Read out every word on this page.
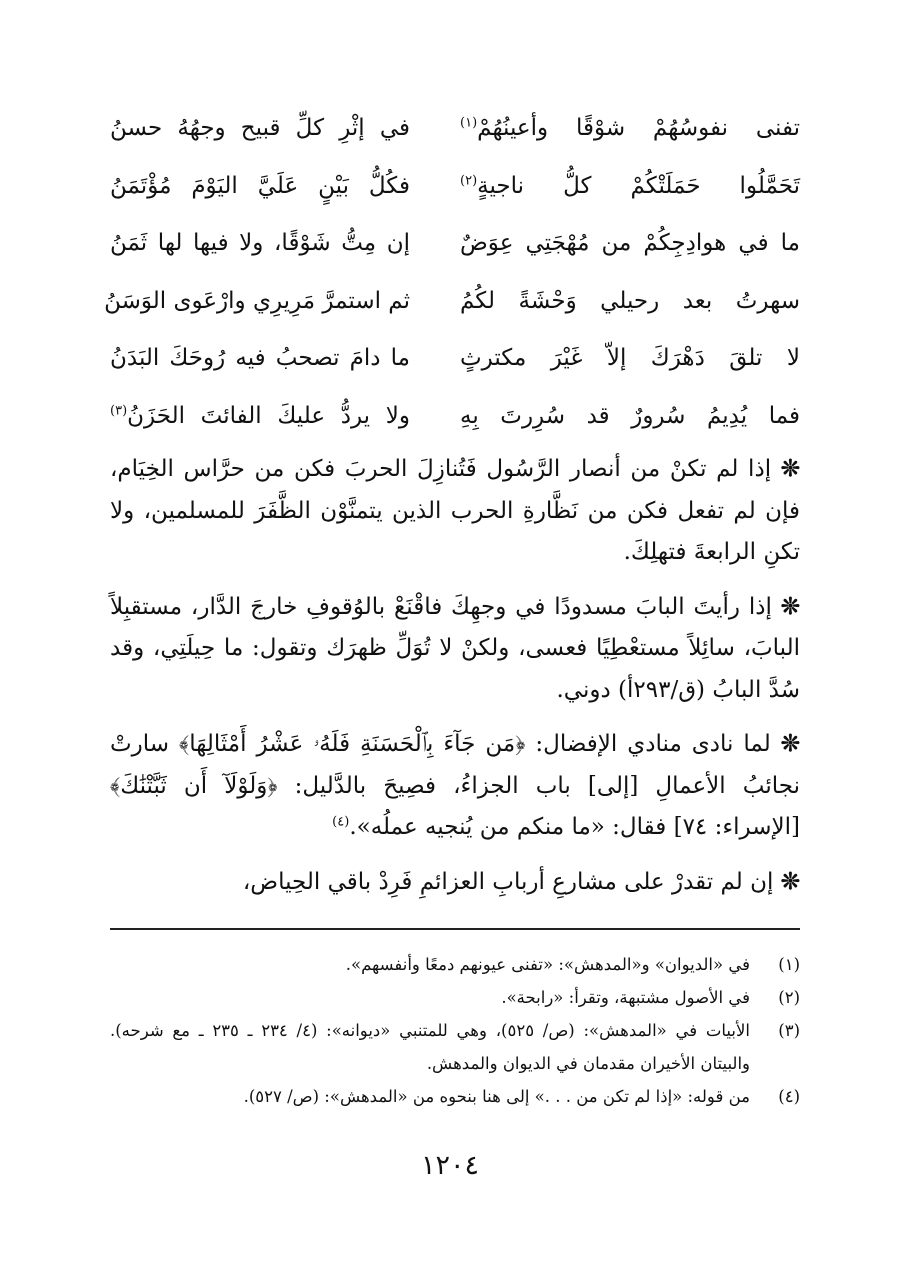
تفنى نفوسُهُمْ شوْقًا وأعينُهُمْ$^{(١)}$
في إثْرِ كلِّ قبيح وجهُهُ حسنُ
تَحَمَّلُوا حَمَلَتْكُمْ كلُّ ناجيةٍ$^{(٢)}$
فكُلُّ بَيْنٍ عَلَيَّ اليَوْمَ مُؤْتَمَنُ
ما في هوادِجِكُمْ من مُهْجَتِي عِوَضٌ
إن مِتُّ شَوْقًا، ولا فيها لها ثَمَنُ
سهرتُ بعد رحيلي وَحْشَةً لكُمُ
ثم استمرَّ مَرِيرِي وارْعَوى الوَسَنُ
لا تلقَ دَهْرَكَ إلاّ غَيْرَ مكترثٍ
ما دامَ تصحبُ فيه رُوحَكَ البَدَنُ
فما يُدِيمُ سُرورٌ قد سُرِرتَ بِهِ
ولا يردُّ عليكَ الفائتَ الحَزَنُ$^{(٣)}$

❊ إذا لم تكنْ من أنصار الرَّسُول فَتُنازِلَ الحربَ فكن من حرَّاس الخِيَام، فإن لم تفعل فكن من نَظَّارةِ الحرب الذين يتمنَّوْن الظَّفَرَ للمسلمين، ولا تكنِ الرابعةَ فتهلِكَ.

❊ إذا رأيتَ البابَ مسدودًا في وجهِكَ فاقْنَعْ بالوُقوفِ خارجَ الدَّار، مستقبِلاً البابَ، سائِلاً مستعْطِيًا فعسى، ولكنْ لا تُوَلِّ ظهرَك وتقول: ما حِيلَتِي، وقد سُدَّ البابُ (ق/٢٩٣أ) دوني.

❊ لما نادى منادي الإفضال: ﴿مَن جَآءَ بِٱلْحَسَنَةِ فَلَهُۥ عَشْرُ أَمْثَالِهَا﴾ سارتْ نجائبُ الأعمالِ [إلى] باب الجزاءُ، فصِيحَ بالدَّليل: ﴿وَلَوْلَآ أَن ثَبَّتْنَٰكَ﴾ [الإسراء: ٧٤] فقال: «ما منكم من يُنجيه عملُه».$^{(٤)}$

❊ إن لم تقدرْ على مشارعِ أربابِ العزائمِ فَرِدْ باقي الحِياض،

(١)
في «الديوان» و«المدهش»: «تفنى عيونهم دمعًا وأنفسهم».
(٢)
في الأصول مشتبهة، وتقرأ: «رابحة».
(٣)
الأبيات في «المدهش»: (ص/ ٥٢٥)، وهي للمتنبي «ديوانه»: (٤/ ٢٣٤ ـ ٢٣٥ ـ مع شرحه). والبيتان الأخيران مقدمان في الديوان والمدهش.
(٤)
من قوله: «إذا لم تكن من . . .» إلى هنا بنحوه من «المدهش»: (ص/ ٥٢٧).
١٢٠٤
